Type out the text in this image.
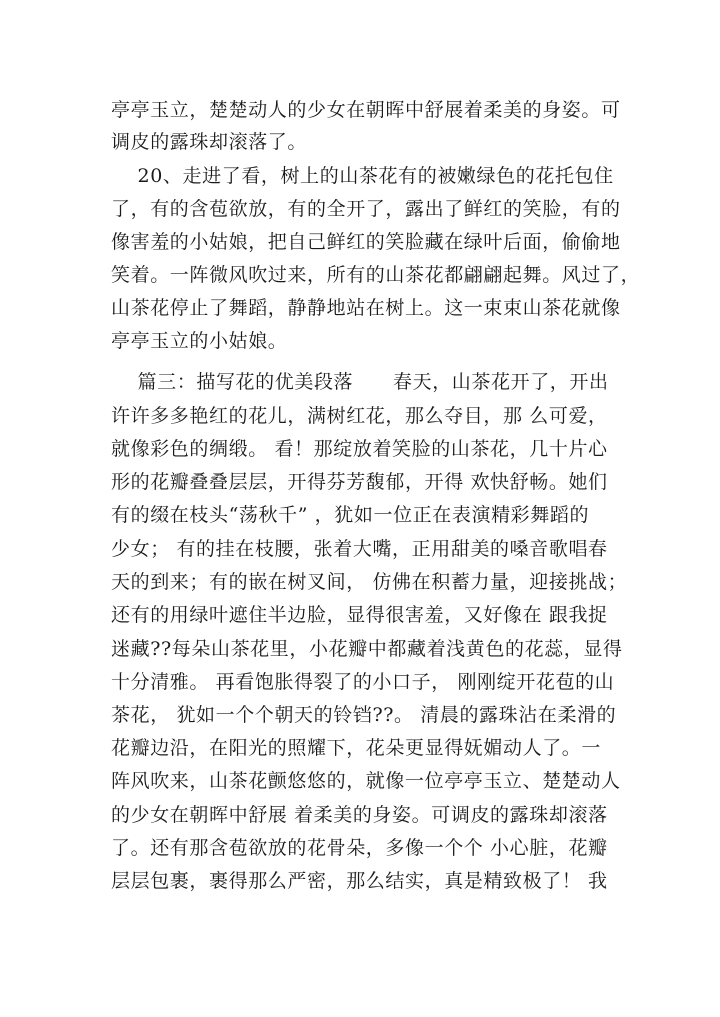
亭亭玉立，楚楚动人的少女在朝晖中舒展着柔美的身姿。可
调皮的露珠却滚落了。
20、走进了看，树上的山茶花有的被嫩绿色的花托包住
了，有的含苞欲放，有的全开了，露出了鲜红的笑脸，有的
像害羞的小姑娘，把自己鲜红的笑脸藏在绿叶后面，偷偷地
笑着。一阵微风吹过来，所有的山茶花都翩翩起舞。风过了，
山茶花停止了舞蹈，静静地站在树上。这一束束山茶花就像
亭亭玉立的小姑娘。
篇三：描写花的优美段落      春天，山茶花开了，开出
许许多多艳红的花儿，满树红花，那么夺目，那 么可爱，
就像彩色的绸缎。 看！那绽放着笑脸的山茶花，几十片心
形的花瓣叠叠层层，开得芬芳馥郁，开得 欢快舒畅。她们
有的缀在枝头“荡秋千” ，犹如一位正在表演精彩舞蹈的
少女； 有的挂在枝腰，张着大嘴，正用甜美的嗓音歌唱春
天的到来；有的嵌在树叉间， 仿佛在积蓄力量，迎接挑战；
还有的用绿叶遮住半边脸，显得很害羞，又好像在 跟我捉
迷藏??每朵山茶花里，小花瓣中都藏着浅黄色的花蕊，显得
十分清雅。 再看饱胀得裂了的小口子， 刚刚绽开花苞的山
茶花， 犹如一个个朝天的铃铛??。 清晨的露珠沾在柔滑的
花瓣边沿，在阳光的照耀下，花朵更显得妩媚动人了。一
阵风吹来，山茶花颤悠悠的，就像一位亭亭玉立、楚楚动人
的少女在朝晖中舒展 着柔美的身姿。可调皮的露珠却滚落
了。还有那含苞欲放的花骨朵，多像一个个 小心脏，花瓣
层层包裹，裹得那么严密，那么结实，真是精致极了！ 我
